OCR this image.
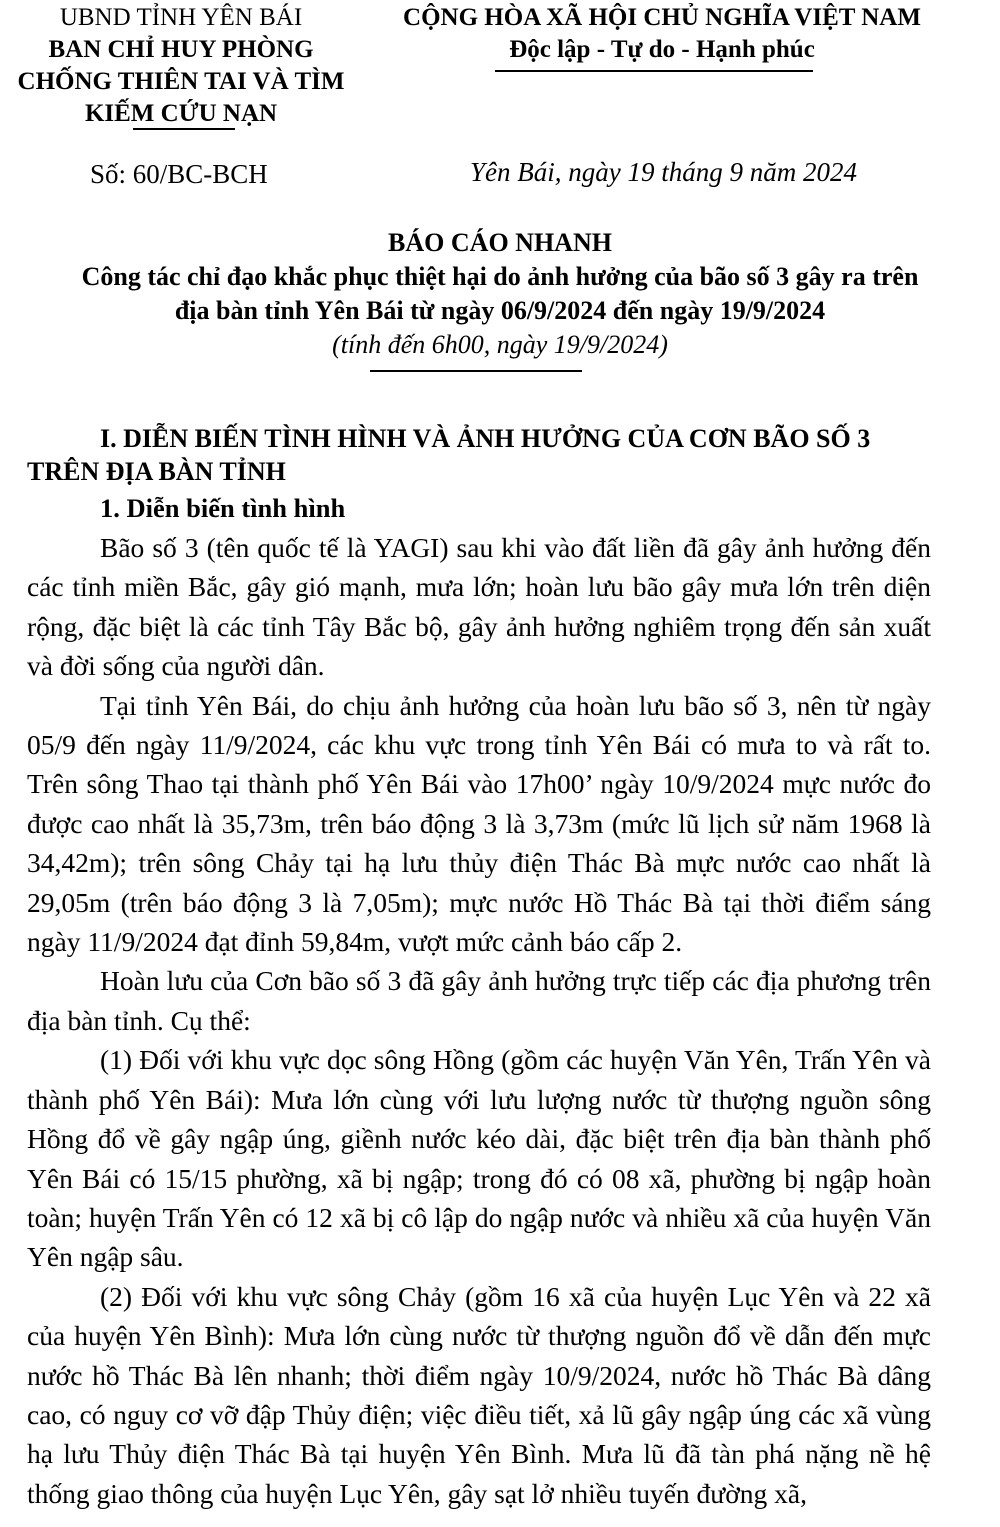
UBND TỈNH YÊN BÁI
BAN CHỈ HUY PHÒNG
CHỐNG THIÊN TAI VÀ TÌM
KIẾM CỨU NẠN
CỘNG HÒA XÃ HỘI CHỦ NGHĨA VIỆT NAM
Độc lập - Tự do - Hạnh phúc
Số: 60/BC-BCH	Yên Bái, ngày 19 tháng 9 năm 2024
BÁO CÁO NHANH
Công tác chỉ đạo khắc phục thiệt hại do ảnh hưởng của bão số 3 gây ra trên
địa bàn tỉnh Yên Bái từ ngày 06/9/2024 đến ngày 19/9/2024
(tính đến 6h00, ngày 19/9/2024)
I. DIỄN BIẾN TÌNH HÌNH VÀ ẢNH HƯỞNG CỦA CƠN BÃO SỐ 3 TRÊN ĐỊA BÀN TỈNH
1. Diễn biến tình hình

Bão số 3 (tên quốc tế là YAGI) sau khi vào đất liền đã gây ảnh hưởng đến các tỉnh miền Bắc, gây gió mạnh, mưa lớn; hoàn lưu bão gây mưa lớn trên diện rộng, đặc biệt là các tỉnh Tây Bắc bộ, gây ảnh hưởng nghiêm trọng đến sản xuất và đời sống của người dân.

Tại tỉnh Yên Bái, do chịu ảnh hưởng của hoàn lưu bão số 3, nên từ ngày 05/9 đến ngày 11/9/2024, các khu vực trong tỉnh Yên Bái có mưa to và rất to. Trên sông Thao tại thành phố Yên Bái vào 17h00’ ngày 10/9/2024 mực nước đo được cao nhất là 35,73m, trên báo động 3 là 3,73m (mức lũ lịch sử năm 1968 là 34,42m); trên sông Chảy tại hạ lưu thủy điện Thác Bà mực nước cao nhất là 29,05m (trên báo động 3 là 7,05m); mực nước Hồ Thác Bà tại thời điểm sáng ngày 11/9/2024 đạt đỉnh 59,84m, vượt mức cảnh báo cấp 2.

Hoàn lưu của Cơn bão số 3 đã gây ảnh hưởng trực tiếp các địa phương trên địa bàn tỉnh. Cụ thể:

(1) Đối với khu vực dọc sông Hồng (gồm các huyện Văn Yên, Trấn Yên và thành phố Yên Bái): Mưa lớn cùng với lưu lượng nước từ thượng nguồn sông Hồng đổ về gây ngập úng, giềnh nước kéo dài, đặc biệt trên địa bàn thành phố Yên Bái có 15/15 phường, xã bị ngập; trong đó có 08 xã, phường bị ngập hoàn toàn; huyện Trấn Yên có 12 xã bị cô lập do ngập nước và nhiều xã của huyện Văn Yên ngập sâu.

(2) Đối với khu vực sông Chảy (gồm 16 xã của huyện Lục Yên và 22 xã của huyện Yên Bình): Mưa lớn cùng nước từ thượng nguồn đổ về dẫn đến mực nước hồ Thác Bà lên nhanh; thời điểm ngày 10/9/2024, nước hồ Thác Bà dâng cao, có nguy cơ vỡ đập Thủy điện; việc điều tiết, xả lũ gây ngập úng các xã vùng hạ lưu Thủy điện Thác Bà tại huyện Yên Bình. Mưa lũ đã tàn phá nặng nề hệ thống giao thông của huyện Lục Yên, gây sạt lở nhiều tuyến đường xã,
